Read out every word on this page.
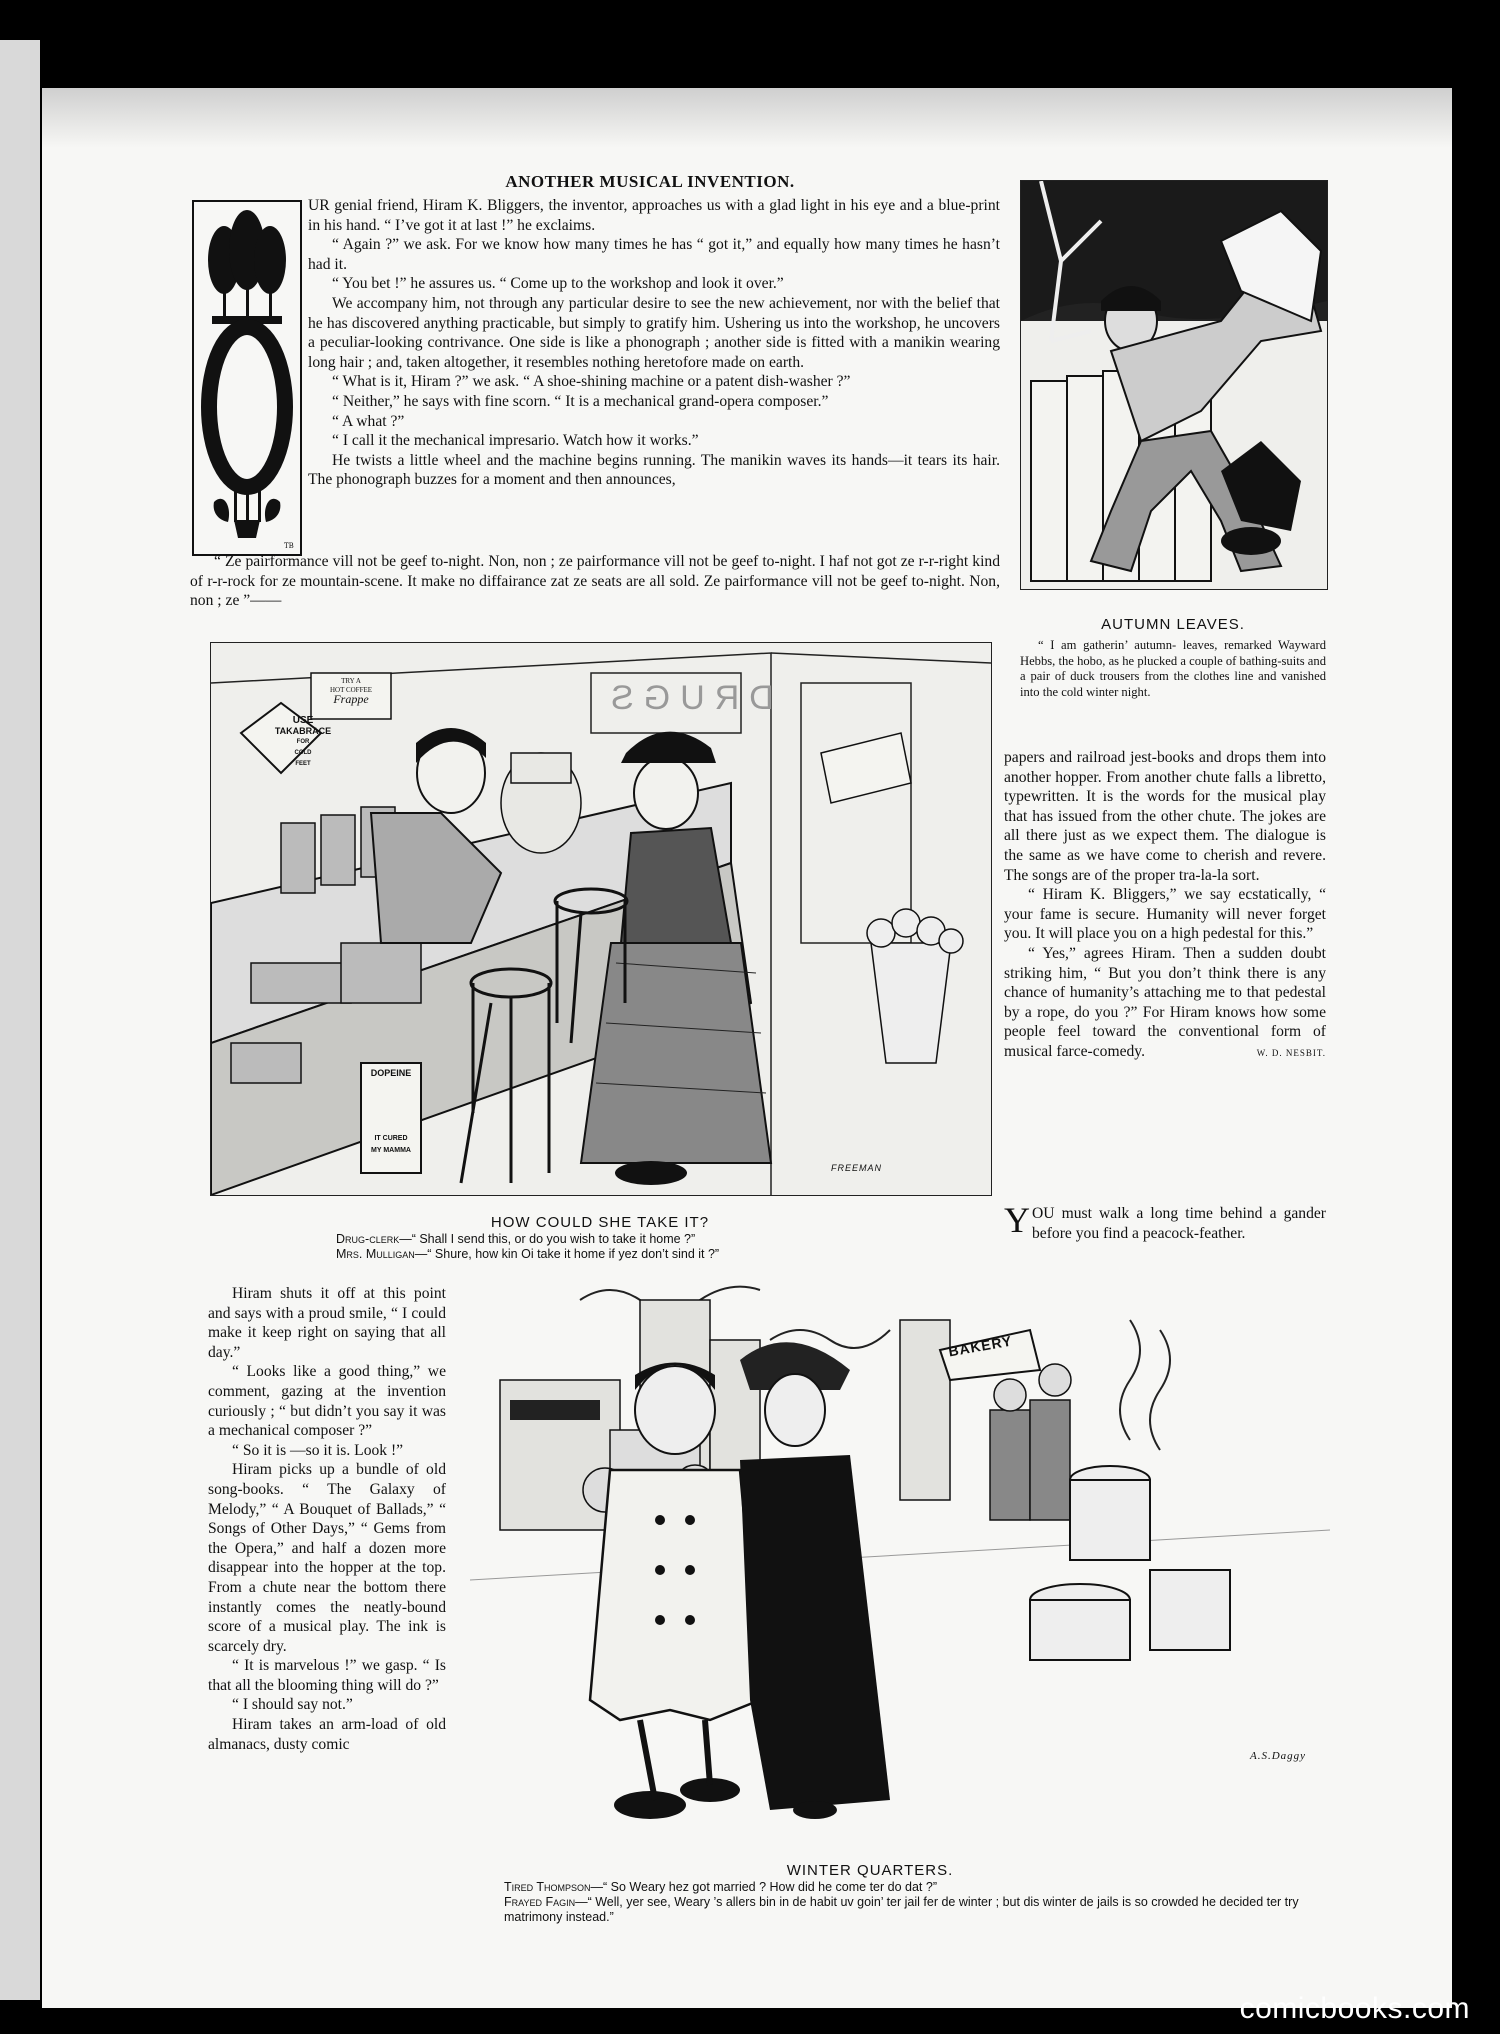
ANOTHER MUSICAL INVENTION.
TB

UR genial friend, Hiram K. Bliggers, the inventor, approaches us with a glad light in his eye and a blue-print in his hand. “ I’ve got it at last !” he exclaims.

“ Again ?” we ask. For we know how many times he has “ got it,” and equally how many times he hasn’t had it.

“ You bet !” he assures us. “ Come up to the workshop and look it over.”

We accompany him, not through any particular desire to see the new achievement, nor with the belief that he has discovered anything practicable, but simply to gratify him. Ushering us into the workshop, he uncovers a peculiar-looking contrivance. One side is like a phonograph ; another side is fitted with a manikin wearing long hair ; and, taken altogether, it resembles nothing heretofore made on earth.

“ What is it, Hiram ?” we ask. “ A shoe-shining machine or a patent dish-washer ?”

“ Neither,” he says with fine scorn. “ It is a mechanical grand-opera composer.”

“ A what ?”

“ I call it the mechanical impresario. Watch how it works.”

He twists a little wheel and the machine begins running. The manikin waves its hands—it tears its hair. The phonograph buzzes for a moment and then announces,

“ Ze pairformance vill not be geef to-night. Non, non ; ze pairformance vill not be geef to-night. I haf not got ze r-r-right kind of r-r-rock for ze mountain-scene. It make no diffairance zat ze seats are all sold. Ze pairformance vill not be geef to-night. Non, non ; ze ”——

AUTUMN LEAVES.
“ I am gatherin’ autumn- leaves, remarked Wayward Hebbs, the hobo, as he plucked a couple of bathing-suits and a pair of duck trousers from the clothes line and vanished into the cold winter night.
USE
TAKABRACE
FOR
COLD
FEET
TRY A
HOT COFFEE
Frappe	DRUGS
DOPEINE
IT CURED
MY MAMMA
FREEMAN
HOW COULD SHE TAKE IT?
Drug-clerk—“ Shall I send this, or do you wish to take it home ?”
Mrs. Mulligan—“ Shure, how kin Oi take it home if yez don’t sind it ?”

papers and railroad jest-books and drops them into another hopper. From another chute falls a libretto, typewritten. It is the words for the musical play that has issued from the other chute. The jokes are all there just as we expect them. The dialogue is the same as we have come to cherish and revere. The songs are of the proper tra-la-la sort.

“ Hiram K. Bliggers,” we say ecstatically, “ your fame is secure. Humanity will never forget you. It will place you on a high pedestal for this.”

“ Yes,” agrees Hiram. Then a sudden doubt striking him, “ But you don’t think there is any chance of humanity’s attaching me to that pedestal by a rope, do you ?” For Hiram knows how some people feel toward the conventional form of musical farce-comedy.	W. D. NESBIT.
YOU must walk a long time behind a gander before you find a peacock-feather.

Hiram shuts it off at this point and says with a proud smile, “ I could make it keep right on saying that all day.”

“ Looks like a good thing,” we comment, gazing at the invention curiously ; “ but didn’t you say it was a mechanical composer ?”

“ So it is —so it is. Look !”

Hiram picks up a bundle of old song-books. “ The Galaxy of Melody,” “ A Bouquet of Ballads,” “ Songs of Other Days,” “ Gems from the Opera,” and half a dozen more disappear into the hopper at the top. From a chute near the bottom there instantly comes the neatly-bound score of a musical play. The ink is scarcely dry.

“ It is marvelous !” we gasp. “ Is that all the blooming thing will do ?”

“ I should say not.”

Hiram takes an arm-load of old almanacs, dusty comic

BAKERY
A.S.Daggy
WINTER QUARTERS.
Tired Thompson—“ So Weary hez got married ? How did he come ter do dat ?”
Frayed Fagin—“ Well, yer see, Weary ’s allers bin in de habit uv goin’ ter jail fer de winter ; but dis winter de jails is so crowded he decided ter try matrimony instead.”
comicbooks.com
